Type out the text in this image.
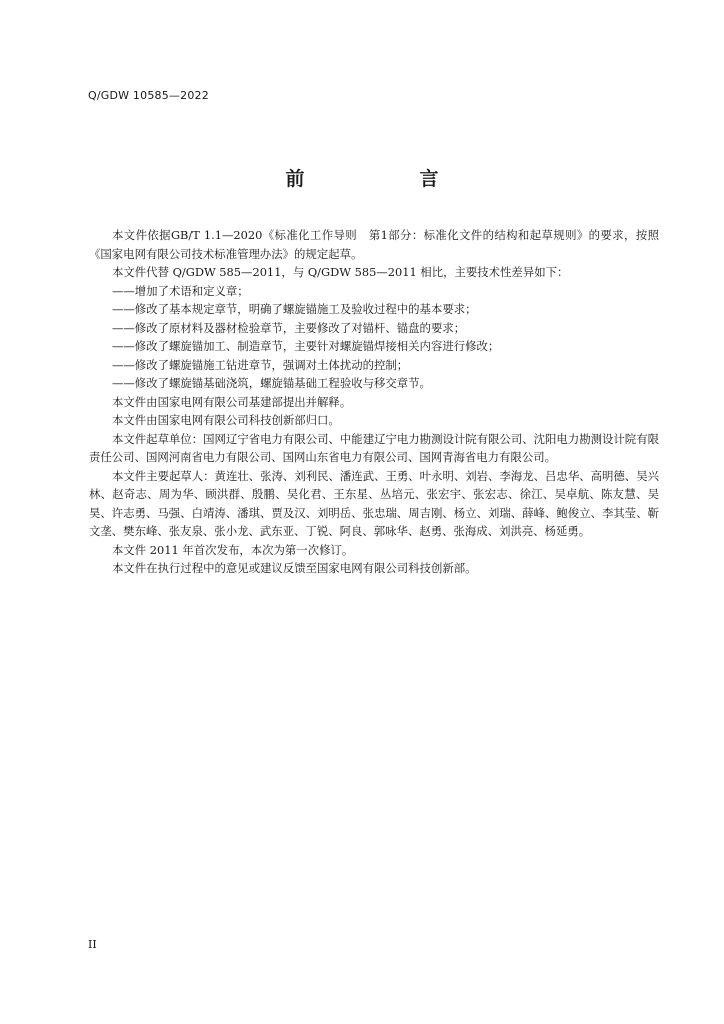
Q/GDW 10585—2022
前　言

本文件依据GB/T 1.1—2020《标准化工作导则　第1部分：标准化文件的结构和起草规则》的要求，按照《国家电网有限公司技术标准管理办法》的规定起草。

本文件代替 Q/GDW 585—2011，与 Q/GDW 585—2011 相比，主要技术性差异如下：

——增加了术语和定义章；

——修改了基本规定章节，明确了螺旋锚施工及验收过程中的基本要求；

——修改了原材料及器材检验章节，主要修改了对锚杆、锚盘的要求；

——修改了螺旋锚加工、制造章节，主要针对螺旋锚焊接相关内容进行修改；

——修改了螺旋锚施工钻进章节，强调对土体扰动的控制；

——修改了螺旋锚基础浇筑，螺旋锚基础工程验收与移交章节。

本文件由国家电网有限公司基建部提出并解释。

本文件由国家电网有限公司科技创新部归口。

本文件起草单位：国网辽宁省电力有限公司、中能建辽宁电力勘测设计院有限公司、沈阳电力勘测设计院有限责任公司、国网河南省电力有限公司、国网山东省电力有限公司、国网青海省电力有限公司。

本文件主要起草人：黄连壮、张涛、刘利民、潘连武、王勇、叶永明、刘岩、李海龙、吕忠华、高明德、吴兴林、赵奇志、周为华、顾洪群、殷鹏、吴化君、王东星、丛培元、张宏宇、张宏志、徐江、吴卓航、陈友慧、吴昊、许志勇、马强、白靖涛、潘琪、贾及汉、刘明岳、张忠瑞、周吉刚、杨立、刘瑞、薛峰、鲍俊立、李其莹、靳文垄、樊东峰、张友泉、张小龙、武东亚、丁锐、阿良、郭咏华、赵勇、张海成、刘洪亮、杨延勇。

本文件 2011 年首次发布，本次为第一次修订。

本文件在执行过程中的意见或建议反馈至国家电网有限公司科技创新部。

II
